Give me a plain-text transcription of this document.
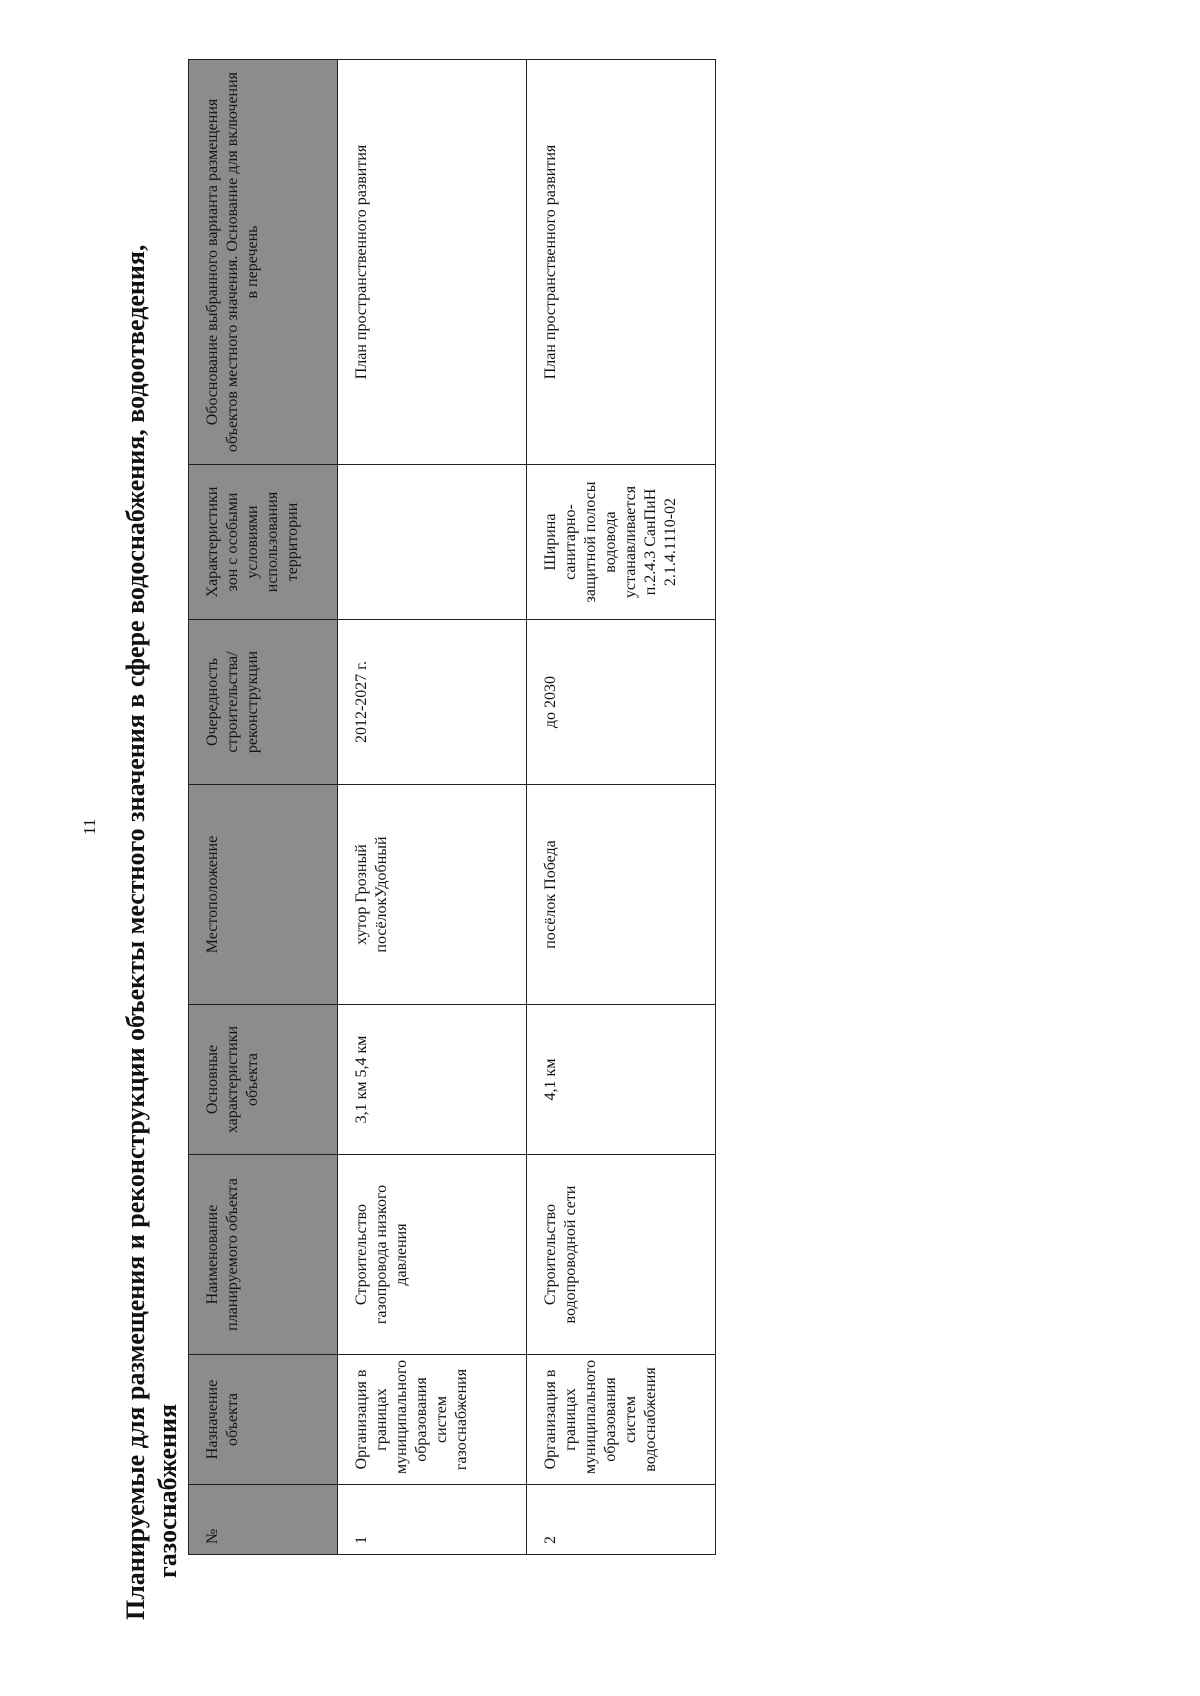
11 Планируемые для размещения и реконструкции объекты местного значения в сфере водоснабжения, водоотведения, газоснабжения №	Назначение объекта	Наименование планируемого объекта	Основные характеристики объекта	Местоположение	Очередность строительства/ реконструкции	Характеристики зон с особыми условиями использования территории	Обоснование выбранного варианта размещения объектов местного значения. Основание для включения в перечень
1	Организация в границах муниципального образования систем газоснабжения	Строительство газопровода низкого давления	3,1 км 5,4 км	хутор Грозный посёлокУдобный	2012-2027 г.		План пространственного развития
2	Организация в границах муниципального образования систем водоснабжения	Строительство водопроводной сети	4,1 км	посёлок Победа	до 2030	Ширина санитарно-защитной полосы водовода устанавливается п.2.4.3 СанПиН 2.1.4.1110-02	План пространственного развития
